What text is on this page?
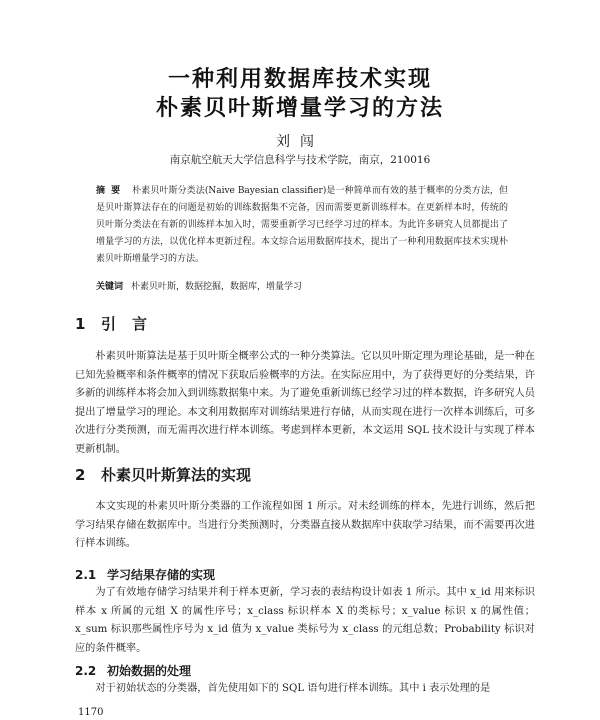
一种利用数据库技术实现
朴素贝叶斯增量学习的方法
刘闯
南京航空航天大学信息科学与技术学院，南京，210016

摘要 朴素贝叶斯分类法(Naive Bayesian classifier)是一种简单而有效的基于概率的分类方法，但是贝叶斯算法存在的问题是初始的训练数据集不完备，因而需要更新训练样本。在更新样本时，传统的贝叶斯分类法在有新的训练样本加入时，需要重新学习已经学习过的样本。为此许多研究人员都提出了增量学习的方法，以优化样本更新过程。本文综合运用数据库技术，提出了一种利用数据库技术实现朴素贝叶斯增量学习的方法。

关键词 朴素贝叶斯，数据挖掘，数据库，增量学习

1 引言

朴素贝叶斯算法是基于贝叶斯全概率公式的一种分类算法。它以贝叶斯定理为理论基础，是一种在已知先验概率和条件概率的情况下获取后验概率的方法。在实际应用中，为了获得更好的分类结果，许多新的训练样本将会加入到训练数据集中来。为了避免重新训练已经学习过的样本数据，许多研究人员提出了增量学习的理论。本文利用数据库对训练结果进行存储，从而实现在进行一次样本训练后，可多次进行分类预测，而无需再次进行样本训练。考虑到样本更新，本文运用 SQL 技术设计与实现了样本更新机制。

2 朴素贝叶斯算法的实现

本文实现的朴素贝叶斯分类器的工作流程如图 1 所示。对未经训练的样本，先进行训练，然后把学习结果存储在数据库中。当进行分类预测时，分类器直接从数据库中获取学习结果，而不需要再次进行样本训练。

2.1 学习结果存储的实现

为了有效地存储学习结果并利于样本更新，学习表的表结构设计如表 1 所示。其中 x_id 用来标识样本 x 所属的元组 X 的属性序号；x_class 标识样本 X 的类标号；x_value 标识 x 的属性值；x_sum 标识那些属性序号为 x_id 值为 x_value 类标号为 x_class 的元组总数；Probability 标识对应的条件概率。

2.2 初始数据的处理

对于初始状态的分类器，首先使用如下的 SQL 语句进行样本训练。其中 i 表示处理的是

1170
